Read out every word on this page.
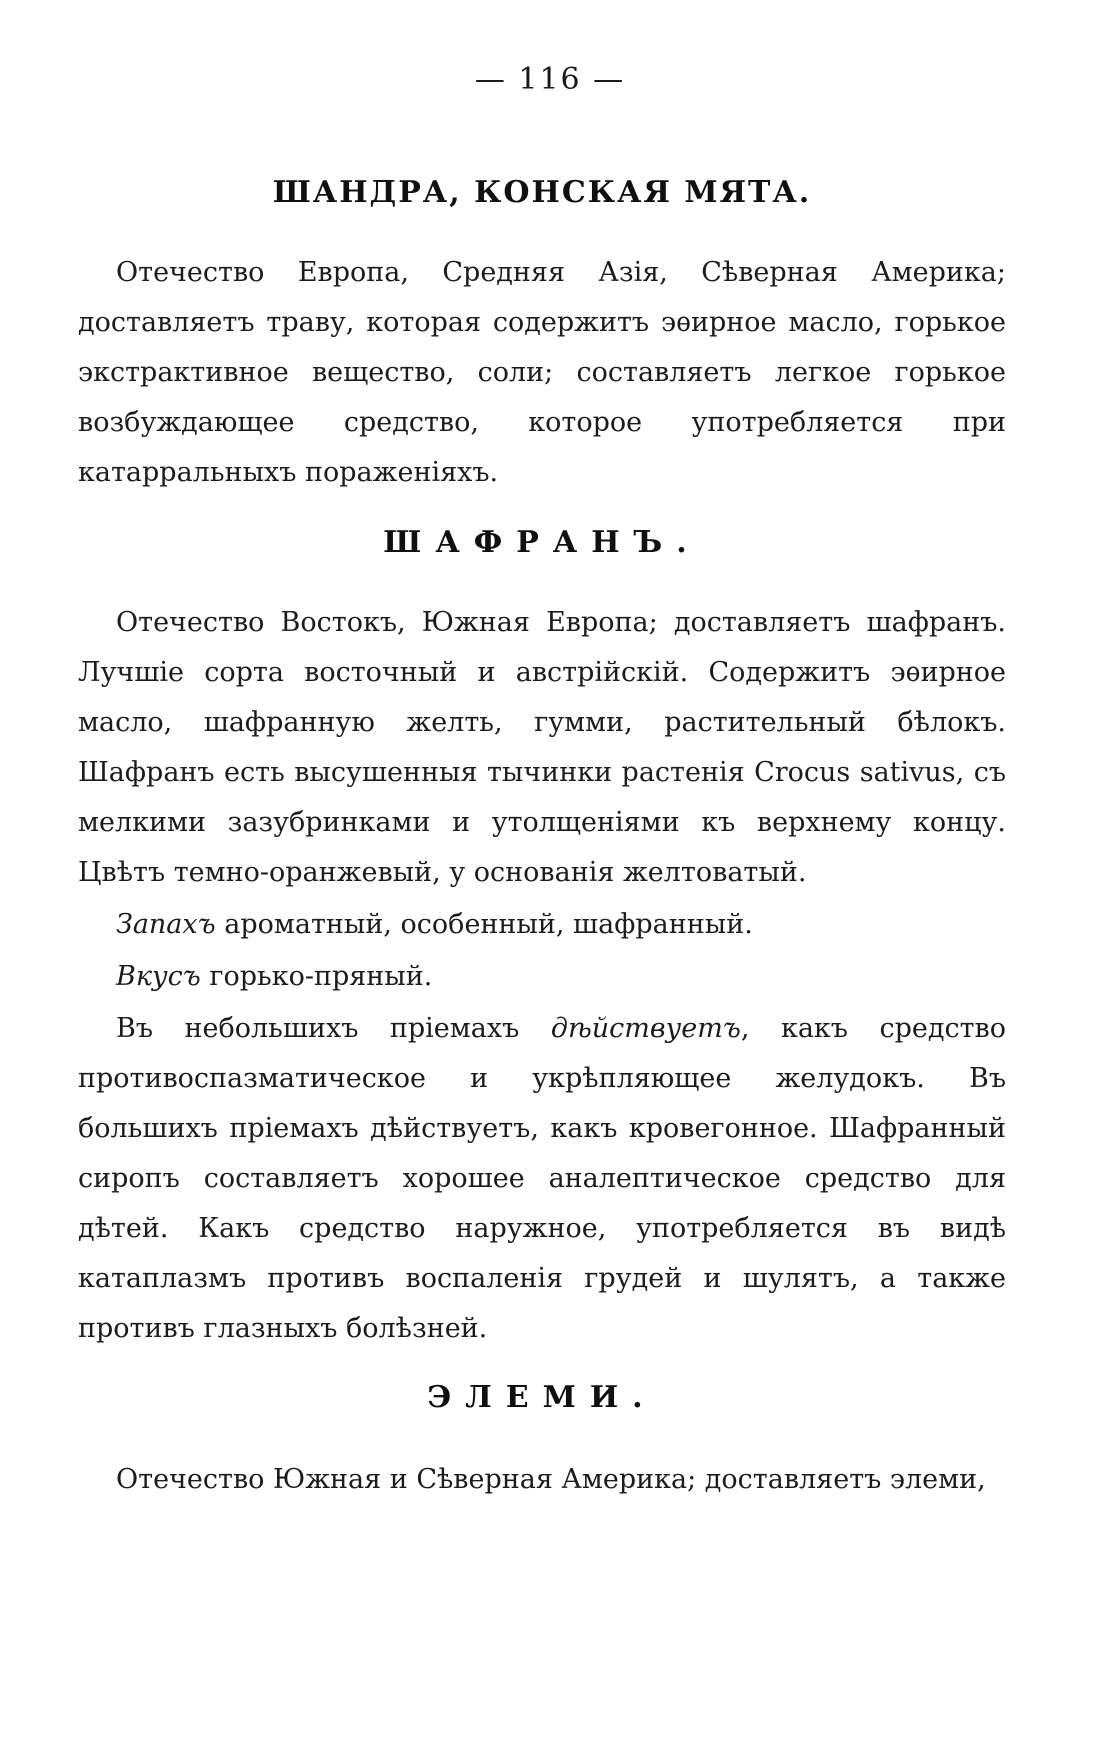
— 116 —
ШАНДРА, КОНСКАЯ МЯТА.

Отечество Европа, Средняя Азія, Сѣверная Америка; доставляетъ траву, которая содержитъ эѳирное масло, горькое экстрактивное вещество, соли; составляетъ легкое горькое возбуждающее средство, которое употребляется при катарральныхъ пораженіяхъ.

ШАФРАНЪ.

Отечество Востокъ, Южная Европа; доставляетъ шафранъ. Лучшіе сорта восточный и австрійскій. Содержитъ эѳирное масло, шафранную желть, гумми, растительный бѣлокъ. Шафранъ есть высушенныя тычинки растенія Crocus sativus, съ мелкими зазубринками и утолщеніями къ верхнему концу. Цвѣтъ темно-оранжевый, у основанія желтоватый.

Запахъ ароматный, особенный, шафранный.

Вкусъ горько-пряный.

Въ небольшихъ пріемахъ дѣйствуетъ, какъ средство противоспазматическое и укрѣпляющее желудокъ. Въ большихъ пріемахъ дѣйствуетъ, какъ кровегонное. Шафранный сиропъ составляетъ хорошее аналептическое средство для дѣтей. Какъ средство наружное, употребляется въ видѣ катаплазмъ противъ воспаленія грудей и шулятъ, а также противъ глазныхъ болѣзней.

ЭЛЕМИ.

Отечество Южная и Сѣверная Америка; доставляетъ элеми,
